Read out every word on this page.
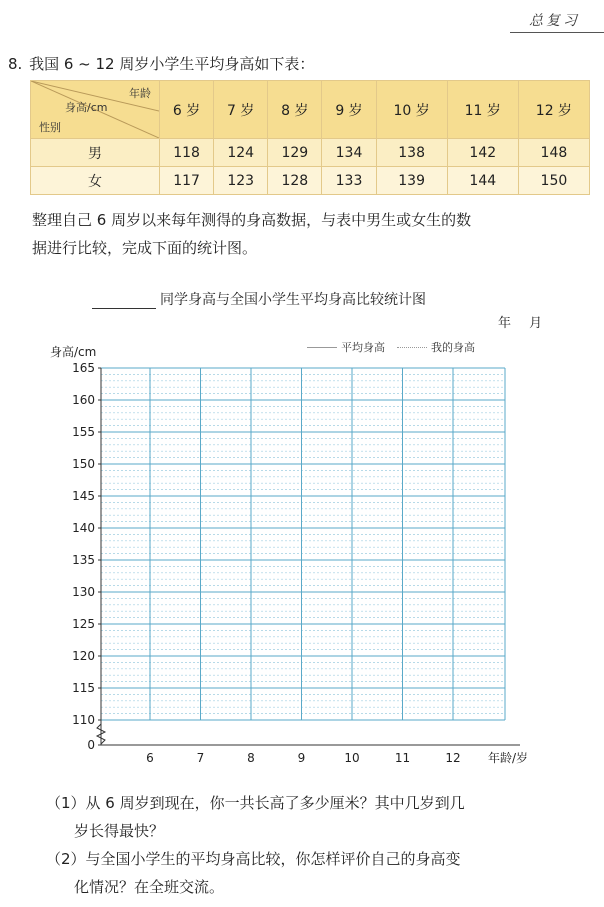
总复习
8. 我国 6 ~ 12 周岁小学生平均身高如下表：
年龄
身高/cm
性别	6 岁	7 岁	8 岁	9 岁	10 岁	11 岁	12 岁
男	118	124	129	134	138	142	148
女	117	123	128	133	139	144	150
整理自己 6 周岁以来每年测得的身高数据，与表中男生或女生的数
据进行比较，完成下面的统计图。
同学身高与全国小学生平均身高比较统计图
年 月
身高/cm	平均身高	我的身高
165
160
155
150
145
140
135
130
125
120
115
110
0
6	7	8	9	10	11	12 年龄/岁
（1）从 6 周岁到现在，你一共长高了多少厘米？其中几岁到几
岁长得最快？
（2）与全国小学生的平均身高比较，你怎样评价自己的身高变
化情况？在全班交流。
